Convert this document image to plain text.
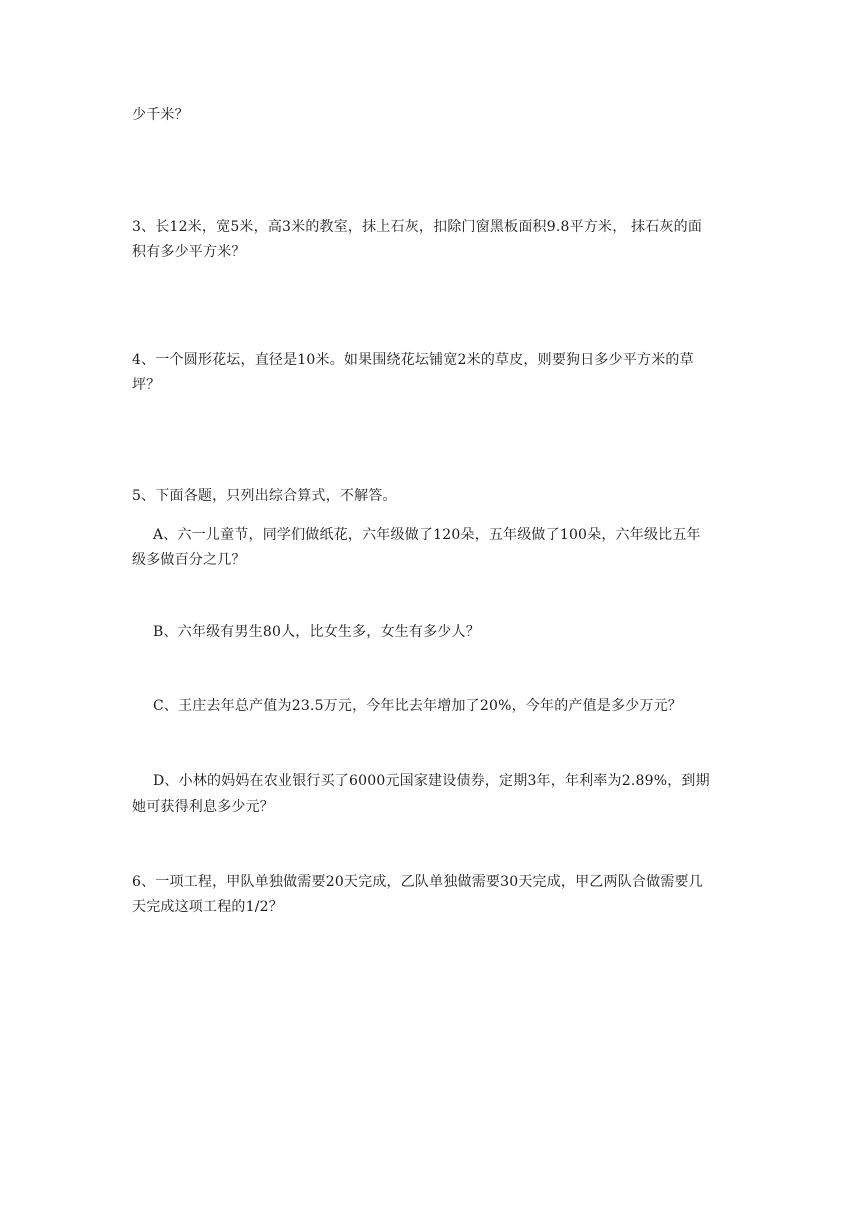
少千米？
3、长12米，宽5米，高3米的教室，抹上石灰，扣除门窗黑板面积9.8平方米， 抹石灰的面
积有多少平方米？
4、一个圆形花坛，直径是10米。如果围绕花坛铺宽2米的草皮，则要狗日多少平方米的草
坪？
5、下面各题，只列出综合算式，不解答。
A、六一儿童节，同学们做纸花，六年级做了120朵，五年级做了100朵，六年级比五年
级多做百分之几？
B、六年级有男生80人，比女生多，女生有多少人？
C、王庄去年总产值为23.5万元，今年比去年增加了20%，今年的产值是多少万元？
D、小林的妈妈在农业银行买了6000元国家建设债券，定期3年，年利率为2.89%，到期
她可获得利息多少元？
6、一项工程，甲队单独做需要20天完成，乙队单独做需要30天完成，甲乙两队合做需要几
天完成这项工程的1/2？
